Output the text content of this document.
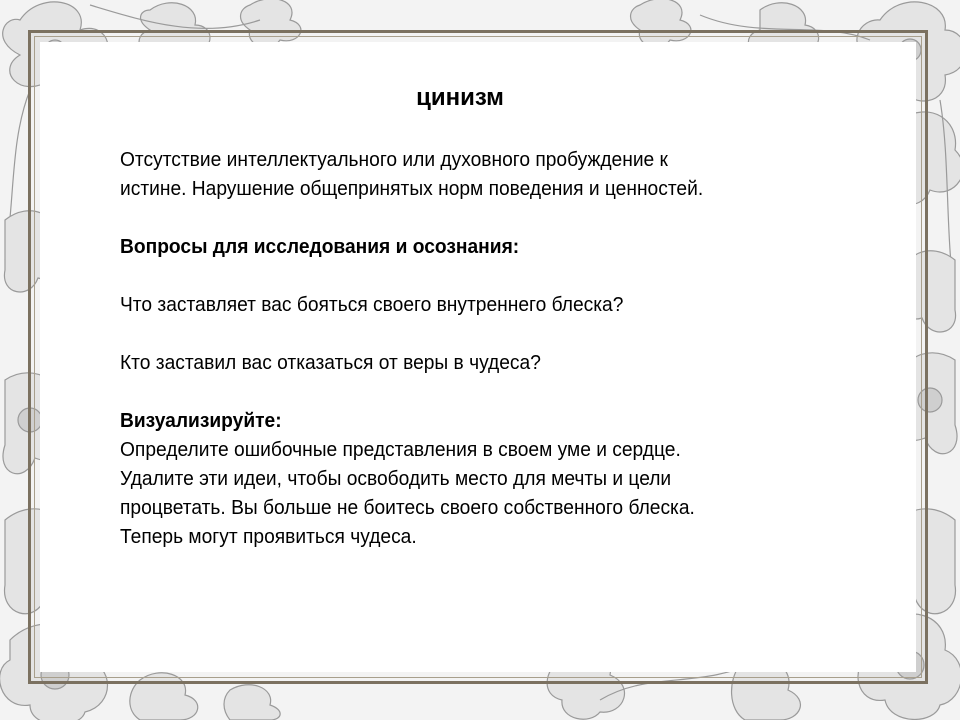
цинизм

Отсутствие интеллектуального или духовного пробуждение к

истине. Нарушение общепринятых норм поведения и ценностей.

Вопросы для исследования и осознания:

Что заставляет вас бояться своего внутреннего блеска?

Кто заставил вас отказаться от веры в чудеса?

Визуализируйте:

Определите ошибочные представления в своем уме и сердце.

Удалите эти идеи, чтобы освободить место для мечты и цели

процветать. Вы больше не боитесь своего собственного блеска.

Теперь могут проявиться чудеса.
